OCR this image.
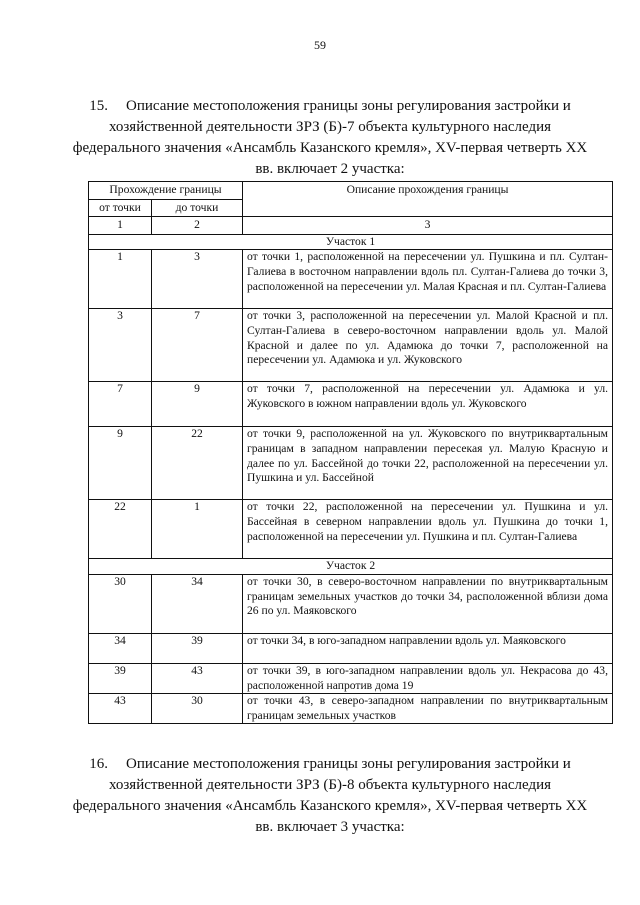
59
15. Описание местоположения границы зоны регулирования застройки и хозяйственной деятельности ЗРЗ (Б)-7 объекта культурного наследия федерального значения «Ансамбль Казанского кремля», XV-первая четверть XX вв. включает 2 участка:
Прохождение границы		Описание прохождения границы
от точки	до точки	
1	2	3
Участок 1		
1	3	от точки 1, расположенной на пересечении ул. Пушкина и пл. Султан-Галиева в восточном направлении вдоль пл. Султан-Галиева до точки 3, расположенной на пересечении ул. Малая Красная и пл. Султан-Галиева
3	7	от точки 3, расположенной на пересечении ул. Малой Красной и пл. Султан-Галиева в северо-восточном направлении вдоль ул. Малой Красной и далее по ул. Адамюка до точки 7, расположенной на пересечении ул. Адамюка и ул. Жуковского
7	9	от точки 7, расположенной на пересечении ул. Адамюка и ул. Жуковского в южном направлении вдоль ул. Жуковского
9	22	от точки 9, расположенной на ул. Жуковского по внутриквартальным границам в западном направлении пересекая ул. Малую Красную и далее по ул. Бассейной до точки 22, расположенной на пересечении ул. Пушкина и ул. Бассейной
22	1	от точки 22, расположенной на пересечении ул. Пушкина и ул. Бассейная в северном направлении вдоль ул. Пушкина до точки 1, расположенной на пересечении ул. Пушкина и пл. Султан-Галиева
Участок 2		
30	34	от точки 30, в северо-восточном направлении по внутриквартальным границам земельных участков до точки 34, расположенной вблизи дома 26 по ул. Маяковского
34	39	от точки 34, в юго-западном направлении вдоль ул. Маяковского
39	43	от точки 39, в юго-западном направлении вдоль ул. Некрасова до 43, расположенной напротив дома 19
43	30	от точки 43, в северо-западном направлении по внутриквартальным границам земельных участков
16. Описание местоположения границы зоны регулирования застройки и хозяйственной деятельности ЗРЗ (Б)-8 объекта культурного наследия федерального значения «Ансамбль Казанского кремля», XV-первая четверть XX вв. включает 3 участка:
